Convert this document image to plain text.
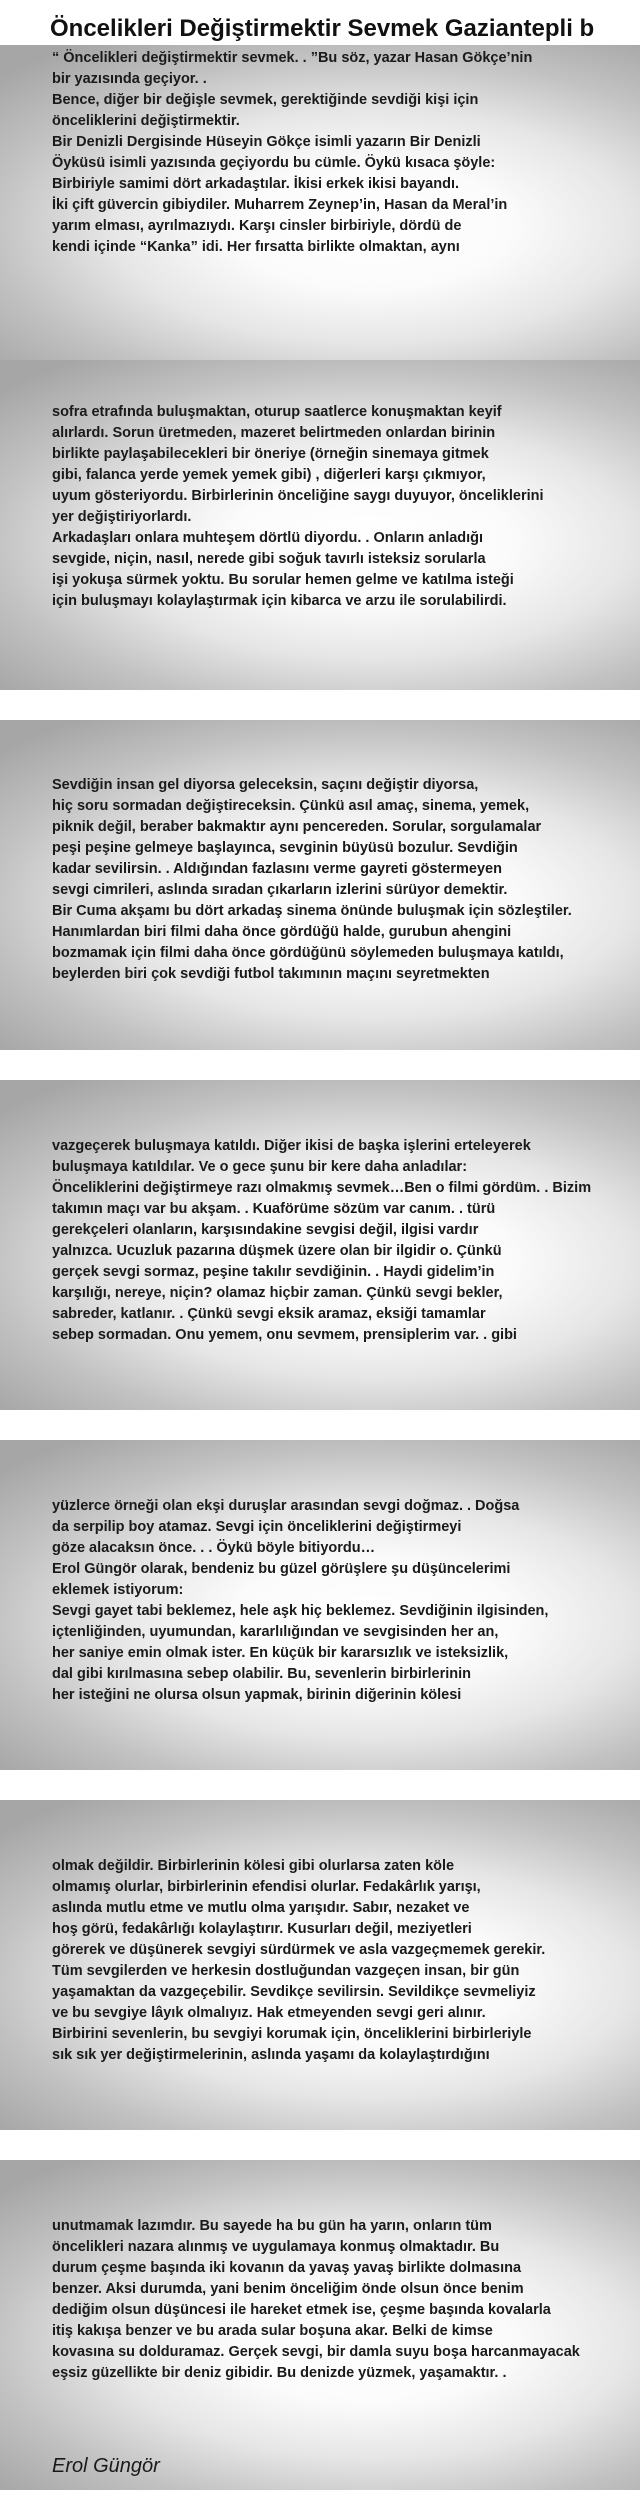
Öncelikleri Değiştirmektir Sevmek Gaziantepli b
“ Öncelikleri değiştirmektir sevmek. . ”Bu söz, yazar Hasan Gökçe’nin
bir yazısında geçiyor. .
Bence, diğer bir değişle sevmek, gerektiğinde sevdiği kişi için
önceliklerini değiştirmektir.
Bir Denizli Dergisinde Hüseyin Gökçe isimli yazarın Bir Denizli
Öyküsü isimli yazısında geçiyordu bu cümle. Öykü kısaca şöyle:
Birbiriyle samimi dört arkadaştılar. İkisi erkek ikisi bayandı.
İki çift güvercin gibiydiler. Muharrem Zeynep’in, Hasan da Meral’in
yarım elması, ayrılmazıydı. Karşı cinsler birbiriyle, dördü de
kendi içinde “Kanka” idi. Her fırsatta birlikte olmaktan, aynı
sofra etrafında buluşmaktan, oturup saatlerce konuşmaktan keyif
alırlardı. Sorun üretmeden, mazeret belirtmeden onlardan birinin
birlikte paylaşabilecekleri bir öneriye (örneğin sinemaya gitmek
gibi, falanca yerde yemek yemek gibi) , diğerleri karşı çıkmıyor,
uyum gösteriyordu. Birbirlerinin önceliğine saygı duyuyor, önceliklerini
yer değiştiriyorlardı.
Arkadaşları onlara muhteşem dörtlü diyordu. . Onların anladığı
sevgide, niçin, nasıl, nerede gibi soğuk tavırlı isteksiz sorularla
işi yokuşa sürmek yoktu. Bu sorular hemen gelme ve katılma isteği
için buluşmayı kolaylaştırmak için kibarca ve arzu ile sorulabilirdi.
Sevdiğin insan gel diyorsa geleceksin, saçını değiştir diyorsa,
hiç soru sormadan değiştireceksin. Çünkü asıl amaç, sinema, yemek,
piknik değil, beraber bakmaktır aynı pencereden. Sorular, sorgulamalar
peşi peşine gelmeye başlayınca, sevginin büyüsü bozulur. Sevdiğin
kadar sevilirsin. . Aldığından fazlasını verme gayreti göstermeyen
sevgi cimrileri, aslında sıradan çıkarların izlerini sürüyor demektir.
Bir Cuma akşamı bu dört arkadaş sinema önünde buluşmak için sözleştiler.
Hanımlardan biri filmi daha önce gördüğü halde, gurubun ahengini
bozmamak için filmi daha önce gördüğünü söylemeden buluşmaya katıldı,
beylerden biri çok sevdiği futbol takımının maçını seyretmekten
vazgeçerek buluşmaya katıldı. Diğer ikisi de başka işlerini erteleyerek
buluşmaya katıldılar. Ve o gece şunu bir kere daha anladılar:
Önceliklerini değiştirmeye razı olmakmış sevmek…Ben o filmi gördüm. . Bizim
takımın maçı var bu akşam. . Kuaförüme sözüm var canım. . türü
gerekçeleri olanların, karşısındakine sevgisi değil, ilgisi vardır
yalnızca. Ucuzluk pazarına düşmek üzere olan bir ilgidir o. Çünkü
gerçek sevgi sormaz, peşine takılır sevdiğinin. . Haydi gidelim’in
karşılığı, nereye, niçin? olamaz hiçbir zaman. Çünkü sevgi bekler,
sabreder, katlanır. . Çünkü sevgi eksik aramaz, eksiği tamamlar
sebep sormadan. Onu yemem, onu sevmem, prensiplerim var. . gibi
yüzlerce örneği olan ekşi duruşlar arasından sevgi doğmaz. . Doğsa
da serpilip boy atamaz. Sevgi için önceliklerini değiştirmeyi
göze alacaksın önce. . . Öykü böyle bitiyordu…
Erol Güngör olarak, bendeniz bu güzel görüşlere şu düşüncelerimi
eklemek istiyorum:
Sevgi gayet tabi beklemez, hele aşk hiç beklemez. Sevdiğinin ilgisinden,
içtenliğinden, uyumundan, kararlılığından ve sevgisinden her an,
her saniye emin olmak ister. En küçük bir kararsızlık ve isteksizlik,
dal gibi kırılmasına sebep olabilir. Bu, sevenlerin birbirlerinin
her isteğini ne olursa olsun yapmak, birinin diğerinin kölesi
olmak değildir. Birbirlerinin kölesi gibi olurlarsa zaten köle
olmamış olurlar, birbirlerinin efendisi olurlar. Fedakârlık yarışı,
aslında mutlu etme ve mutlu olma yarışıdır. Sabır, nezaket ve
hoş görü, fedakârlığı kolaylaştırır. Kusurları değil, meziyetleri
görerek ve düşünerek sevgiyi sürdürmek ve asla vazgeçmemek gerekir.
Tüm sevgilerden ve herkesin dostluğundan vazgeçen insan, bir gün
yaşamaktan da vazgeçebilir. Sevdikçe sevilirsin. Sevildikçe sevmeliyiz
ve bu sevgiye lâyık olmalıyız. Hak etmeyenden sevgi geri alınır.
Birbirini sevenlerin, bu sevgiyi korumak için, önceliklerini birbirleriyle
sık sık yer değiştirmelerinin, aslında yaşamı da kolaylaştırdığını
unutmamak lazımdır. Bu sayede ha bu gün ha yarın, onların tüm
öncelikleri nazara alınmış ve uygulamaya konmuş olmaktadır. Bu
durum çeşme başında iki kovanın da yavaş yavaş birlikte dolmasına
benzer. Aksi durumda, yani benim önceliğim önde olsun önce benim
dediğim olsun düşüncesi ile hareket etmek ise, çeşme başında kovalarla
itiş kakışa benzer ve bu arada sular boşuna akar. Belki de kimse
kovasına su dolduramaz. Gerçek sevgi, bir damla suyu boşa harcanmayacak
eşsiz güzellikte bir deniz gibidir. Bu denizde yüzmek, yaşamaktır. .
Erol Güngör
